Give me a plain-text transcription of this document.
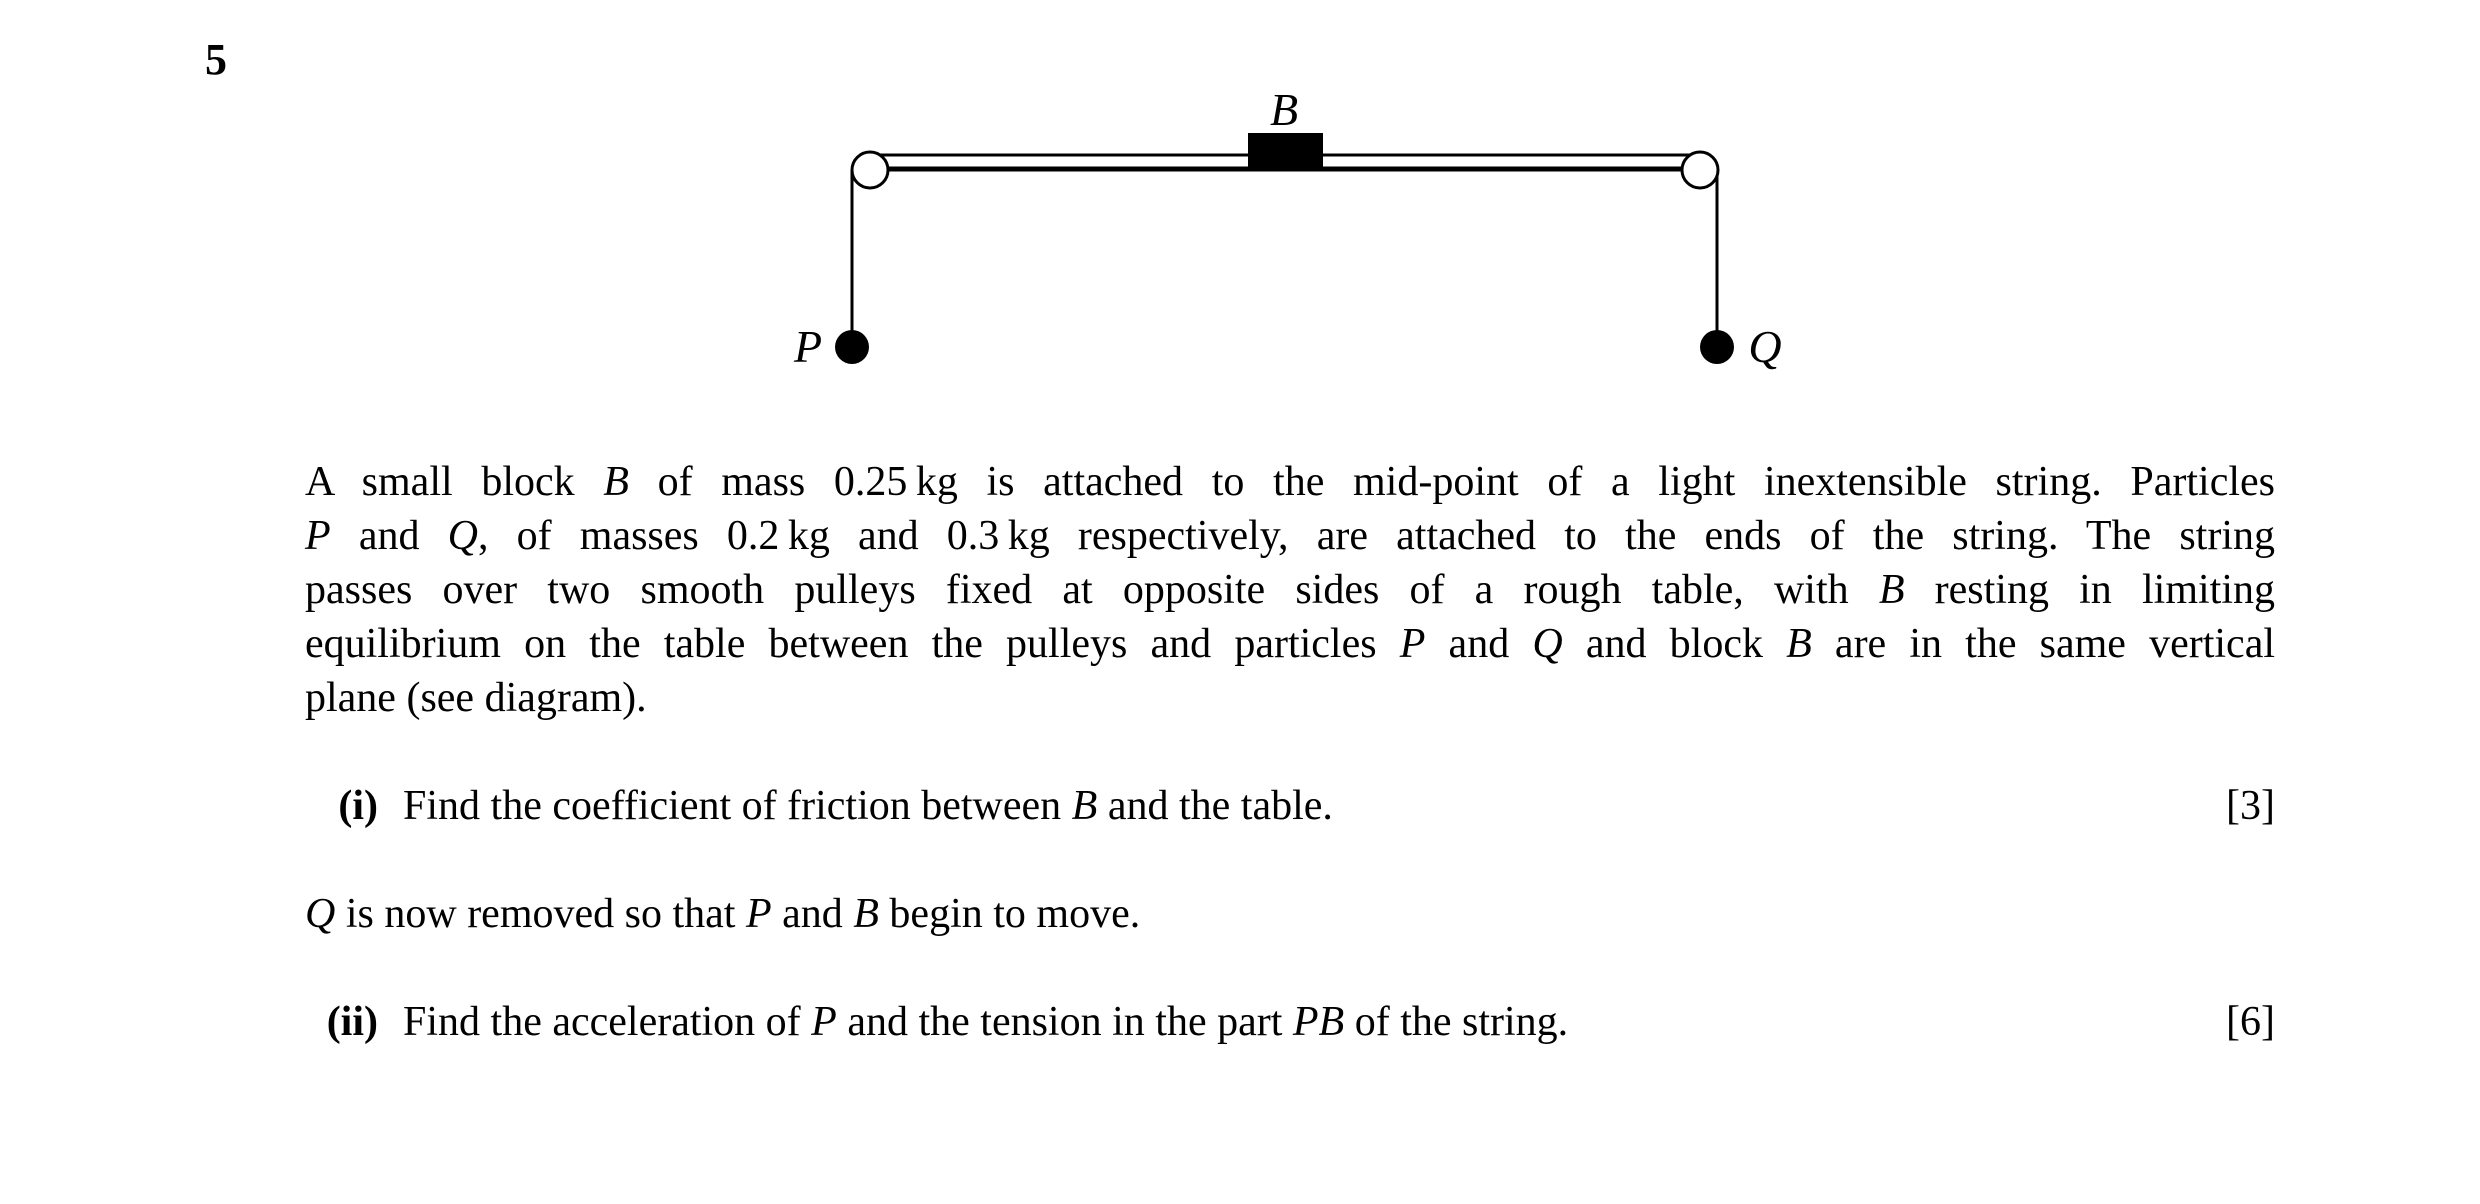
5
B
P	Q
A small block B of mass 0.25 kg is attached to the mid-point of a light inextensible string. Particles
P and Q, of masses 0.2 kg and 0.3 kg respectively, are attached to the ends of the string. The string
passes over two smooth pulleys fixed at opposite sides of a rough table, with B resting in limiting
equilibrium on the table between the pulleys and particles P and Q and block B are in the same vertical
plane (see diagram).
(i) Find the coefficient of friction between B and the table.	[3]
Q is now removed so that P and B begin to move.
(ii) Find the acceleration of P and the tension in the part PB of the string.	[6]
